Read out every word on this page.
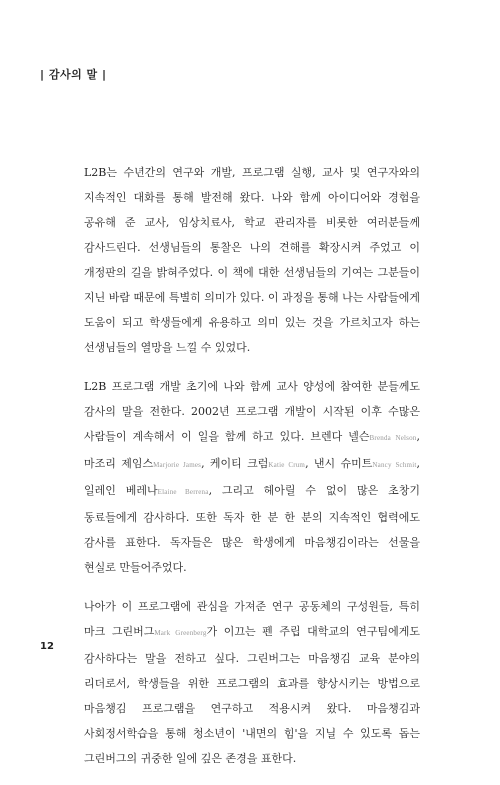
| 감사의 말 |

L2B는 수년간의 연구와 개발, 프로그램 실행, 교사 및 연구자와의 지속적인 대화를 통해 발전해 왔다. 나와 함께 아이디어와 경험을 공유해 준 교사, 임상치료사, 학교 관리자를 비롯한 여러분들께 감사드린다. 선생님들의 통찰은 나의 견해를 확장시켜 주었고 이 개정판의 길을 밝혀주었다. 이 책에 대한 선생님들의 기여는 그분들이 지닌 바람 때문에 특별히 의미가 있다. 이 과정을 통해 나는 사람들에게 도움이 되고 학생들에게 유용하고 의미 있는 것을 가르치고자 하는 선생님들의 열망을 느낄 수 있었다.

L2B 프로그램 개발 초기에 나와 함께 교사 양성에 참여한 분들께도 감사의 말을 전한다. 2002년 프로그램 개발이 시작된 이후 수많은 사람들이 계속해서 이 일을 함께 하고 있다. 브렌다 넬슨Brenda Nelson, 마조리 제임스Marjorie James, 케이티 크럼Katie Crum, 낸시 슈미트Nancy Schmit, 일레인 베레나Elaine Berrena, 그리고 헤아릴 수 없이 많은 초창기 동료들에게 감사하다. 또한 독자 한 분 한 분의 지속적인 협력에도 감사를 표한다. 독자들은 많은 학생에게 마음챙김이라는 선물을 현실로 만들어주었다.

나아가 이 프로그램에 관심을 가져준 연구 공동체의 구성원들, 특히 마크 그린버그Mark Greenberg가 이끄는 펜 주립 대학교의 연구팀에게도 감사하다는 말을 전하고 싶다. 그린버그는 마음챙김 교육 분야의 리더로서, 학생들을 위한 프로그램의 효과를 향상시키는 방법으로 마음챙김 프로그램을 연구하고 적용시켜 왔다. 마음챙김과 사회정서학습을 통해 청소년이 '내면의 힘'을 지닐 수 있도록 돕는 그린버그의 귀중한 일에 깊은 존경을 표한다.

12
